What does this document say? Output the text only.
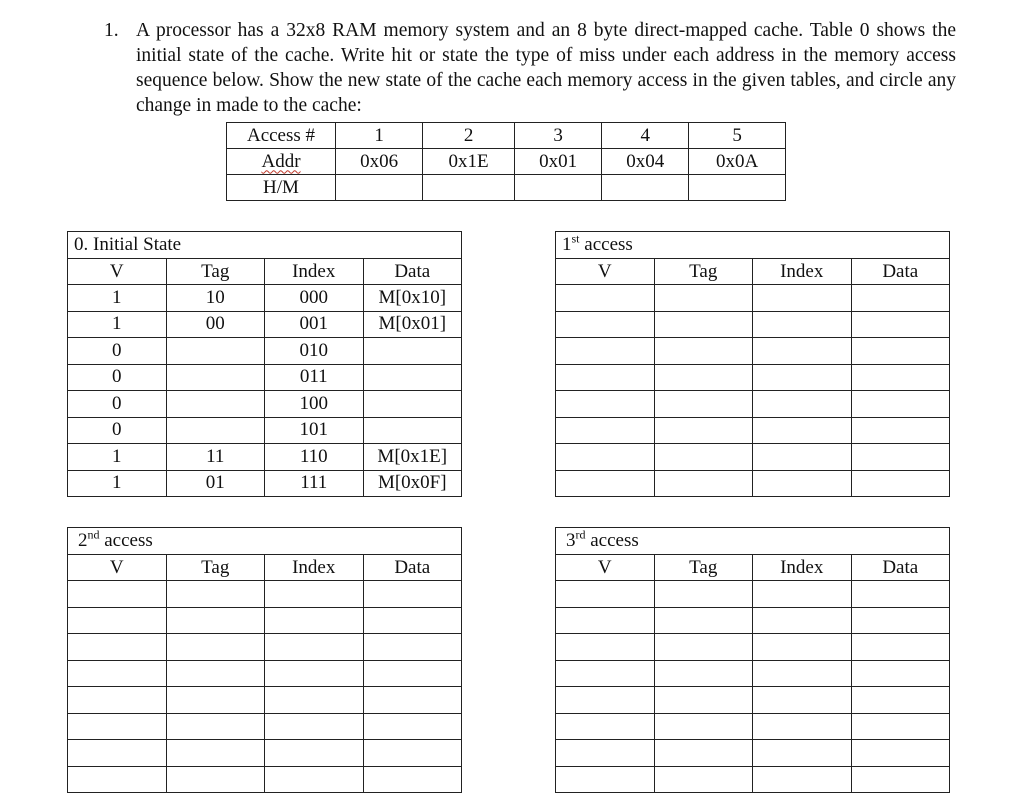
1. A processor has a 32x8 RAM memory system and an 8 byte direct-mapped cache. Table 0 shows the initial state of the cache. Write hit or state the type of miss under each address in the memory access sequence below. Show the new state of the cache each memory access in the given tables, and circle any change in made to the cache:
Access #	1	2	3	4	5
Addr	0x06	0x1E	0x01	0x04	0x0A
H/M					
0. Initial State			
V	Tag	Index	Data
1	10	000	M[0x10]
1	00	001	M[0x01]
0		010	
0		011	
0		100	
0		101	
1	11	110	M[0x1E]
1	01	111	M[0x0F]
1st access			
V	Tag	Index	Data

2nd access			
V	Tag	Index	Data

3rd access			
V	Tag	Index	Data
